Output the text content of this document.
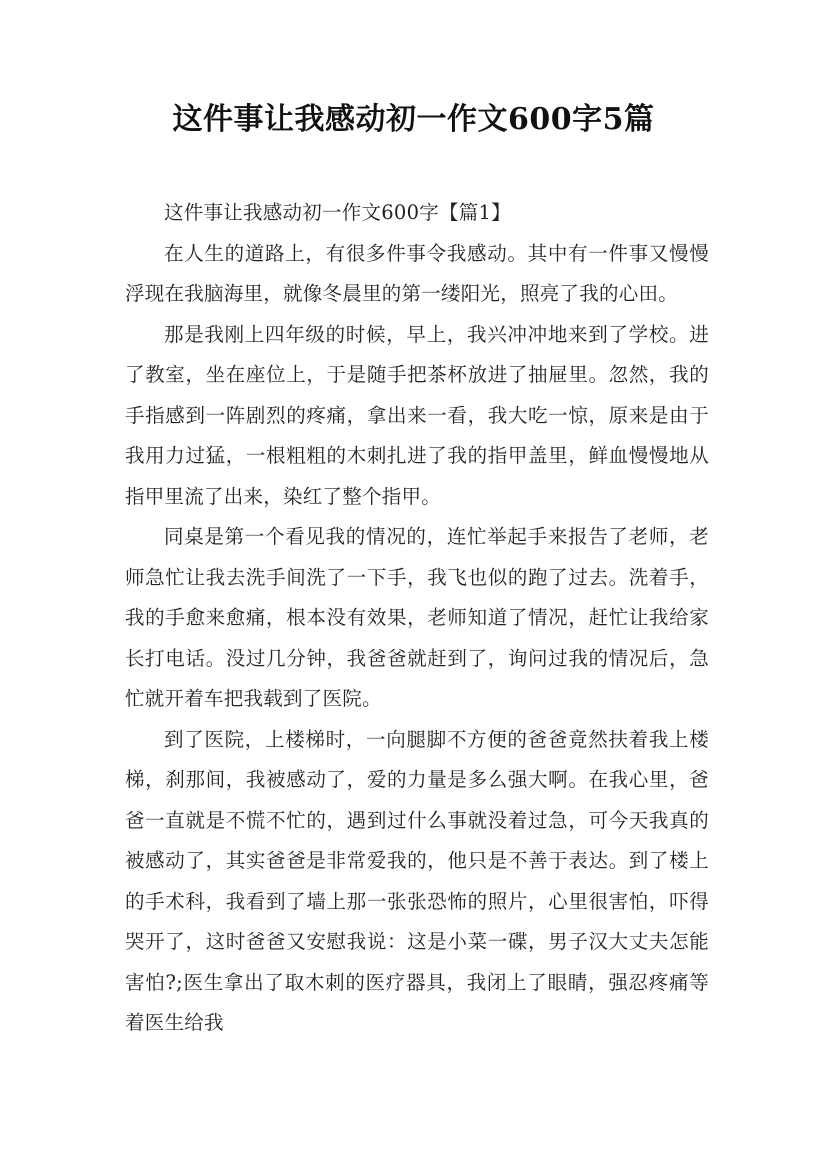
这件事让我感动初一作文600字5篇

这件事让我感动初一作文600字【篇1】

在人生的道路上，有很多件事令我感动。其中有一件事又慢慢浮现在我脑海里，就像冬晨里的第一缕阳光，照亮了我的心田。

那是我刚上四年级的时候，早上，我兴冲冲地来到了学校。进了教室，坐在座位上，于是随手把茶杯放进了抽屉里。忽然，我的手指感到一阵剧烈的疼痛，拿出来一看，我大吃一惊，原来是由于我用力过猛，一根粗粗的木刺扎进了我的指甲盖里，鲜血慢慢地从指甲里流了出来，染红了整个指甲。

同桌是第一个看见我的情况的，连忙举起手来报告了老师，老师急忙让我去洗手间洗了一下手，我飞也似的跑了过去。洗着手，我的手愈来愈痛，根本没有效果，老师知道了情况，赶忙让我给家长打电话。没过几分钟，我爸爸就赶到了，询问过我的情况后，急忙就开着车把我载到了医院。

到了医院，上楼梯时，一向腿脚不方便的爸爸竟然扶着我上楼梯，刹那间，我被感动了，爱的力量是多么强大啊。在我心里，爸爸一直就是不慌不忙的，遇到过什么事就没着过急，可今天我真的被感动了，其实爸爸是非常爱我的，他只是不善于表达。到了楼上的手术科，我看到了墙上那一张张恐怖的照片，心里很害怕，吓得哭开了，这时爸爸又安慰我说：这是小菜一碟，男子汉大丈夫怎能害怕?;医生拿出了取木刺的医疗器具，我闭上了眼睛，强忍疼痛等着医生给我
